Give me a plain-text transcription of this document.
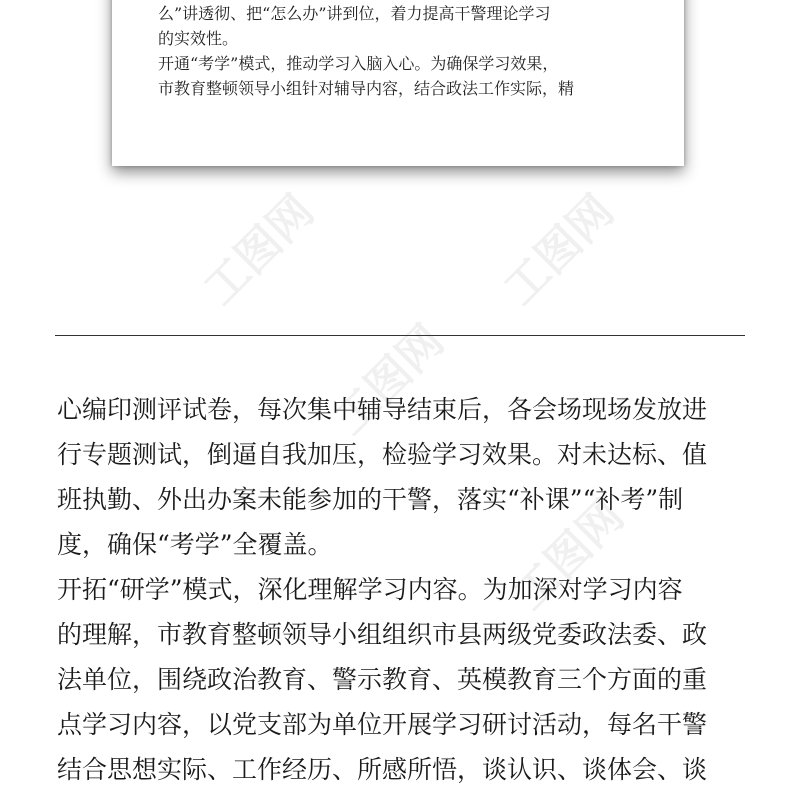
么”讲透彻、把“怎么办”讲到位，着力提高干警理论学习
的实效性。
开通“考学”模式，推动学习入脑入心。为确保学习效果，
市教育整顿领导小组针对辅导内容，结合政法工作实际，精
工图网	工图网
工图网
工图网
心编印测评试卷，每次集中辅导结束后，各会场现场发放进
行专题测试，倒逼自我加压，检验学习效果。对未达标、值
班执勤、外出办案未能参加的干警，落实“补课”“补考”制
度，确保“考学”全覆盖。
开拓“研学”模式，深化理解学习内容。为加深对学习内容
的理解，市教育整顿领导小组组织市县两级党委政法委、政
法单位，围绕政治教育、警示教育、英模教育三个方面的重
点学习内容，以党支部为单位开展学习研讨活动，每名干警
结合思想实际、工作经历、所感所悟，谈认识、谈体会、谈
